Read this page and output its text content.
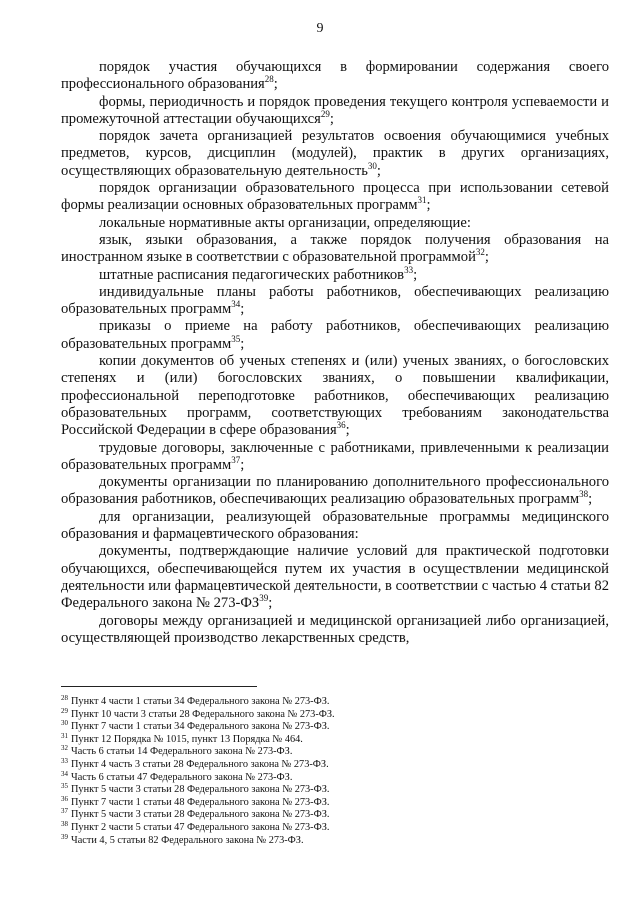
9

порядок участия обучающихся в формировании содержания своего профессионального образования$^{28}$;

формы, периодичность и порядок проведения текущего контроля успеваемости и промежуточной аттестации обучающихся$^{29}$;

порядок зачета организацией результатов освоения обучающимися учебных предметов, курсов, дисциплин (модулей), практик в других организациях, осуществляющих образовательную деятельность$^{30}$;

порядок организации образовательного процесса при использовании сетевой формы реализации основных образовательных программ$^{31}$;

локальные нормативные акты организации, определяющие:

язык, языки образования, а также порядок получения образования на иностранном языке в соответствии с образовательной программой$^{32}$;

штатные расписания педагогических работников$^{33}$;

индивидуальные планы работы работников, обеспечивающих реализацию образовательных программ$^{34}$;

приказы о приеме на работу работников, обеспечивающих реализацию образовательных программ$^{35}$;

копии документов об ученых степенях и (или) ученых званиях, о богословских степенях и (или) богословских званиях, о повышении квалификации, профессиональной переподготовке работников, обеспечивающих реализацию образовательных программ, соответствующих требованиям законодательства Российской Федерации в сфере образования$^{36}$;

трудовые договоры, заключенные с работниками, привлеченными к реализации образовательных программ$^{37}$;

документы организации по планированию дополнительного профессионального образования работников, обеспечивающих реализацию образовательных программ$^{38}$;

для организации, реализующей образовательные программы медицинского образования и фармацевтического образования:

документы, подтверждающие наличие условий для практической подготовки обучающихся, обеспечивающейся путем их участия в осуществлении медицинской деятельности или фармацевтической деятельности, в соответствии с частью 4 статьи 82 Федерального закона № 273-ФЗ$^{39}$;

договоры между организацией и медицинской организацией либо организацией, осуществляющей производство лекарственных средств,

$^{28}$ Пункт 4 части 1 статьи 34 Федерального закона № 273-ФЗ.
$^{29}$ Пункт 10 части 3 статьи 28 Федерального закона № 273-ФЗ.
$^{30}$ Пункт 7 части 1 статьи 34 Федерального закона № 273-ФЗ.
$^{31}$ Пункт 12 Порядка № 1015, пункт 13 Порядка № 464.
$^{32}$ Часть 6 статьи 14 Федерального закона № 273-ФЗ.
$^{33}$ Пункт 4 часть 3 статьи 28 Федерального закона № 273-ФЗ.
$^{34}$ Часть 6 статьи 47 Федерального закона № 273-ФЗ.
$^{35}$ Пункт 5 части 3 статьи 28 Федерального закона № 273-ФЗ.
$^{36}$ Пункт 7 части 1 статьи 48 Федерального закона № 273-ФЗ.
$^{37}$ Пункт 5 части 3 статьи 28 Федерального закона № 273-ФЗ.
$^{38}$ Пункт 2 части 5 статьи 47 Федерального закона № 273-ФЗ.
$^{39}$ Части 4, 5 статьи 82 Федерального закона № 273-ФЗ.
